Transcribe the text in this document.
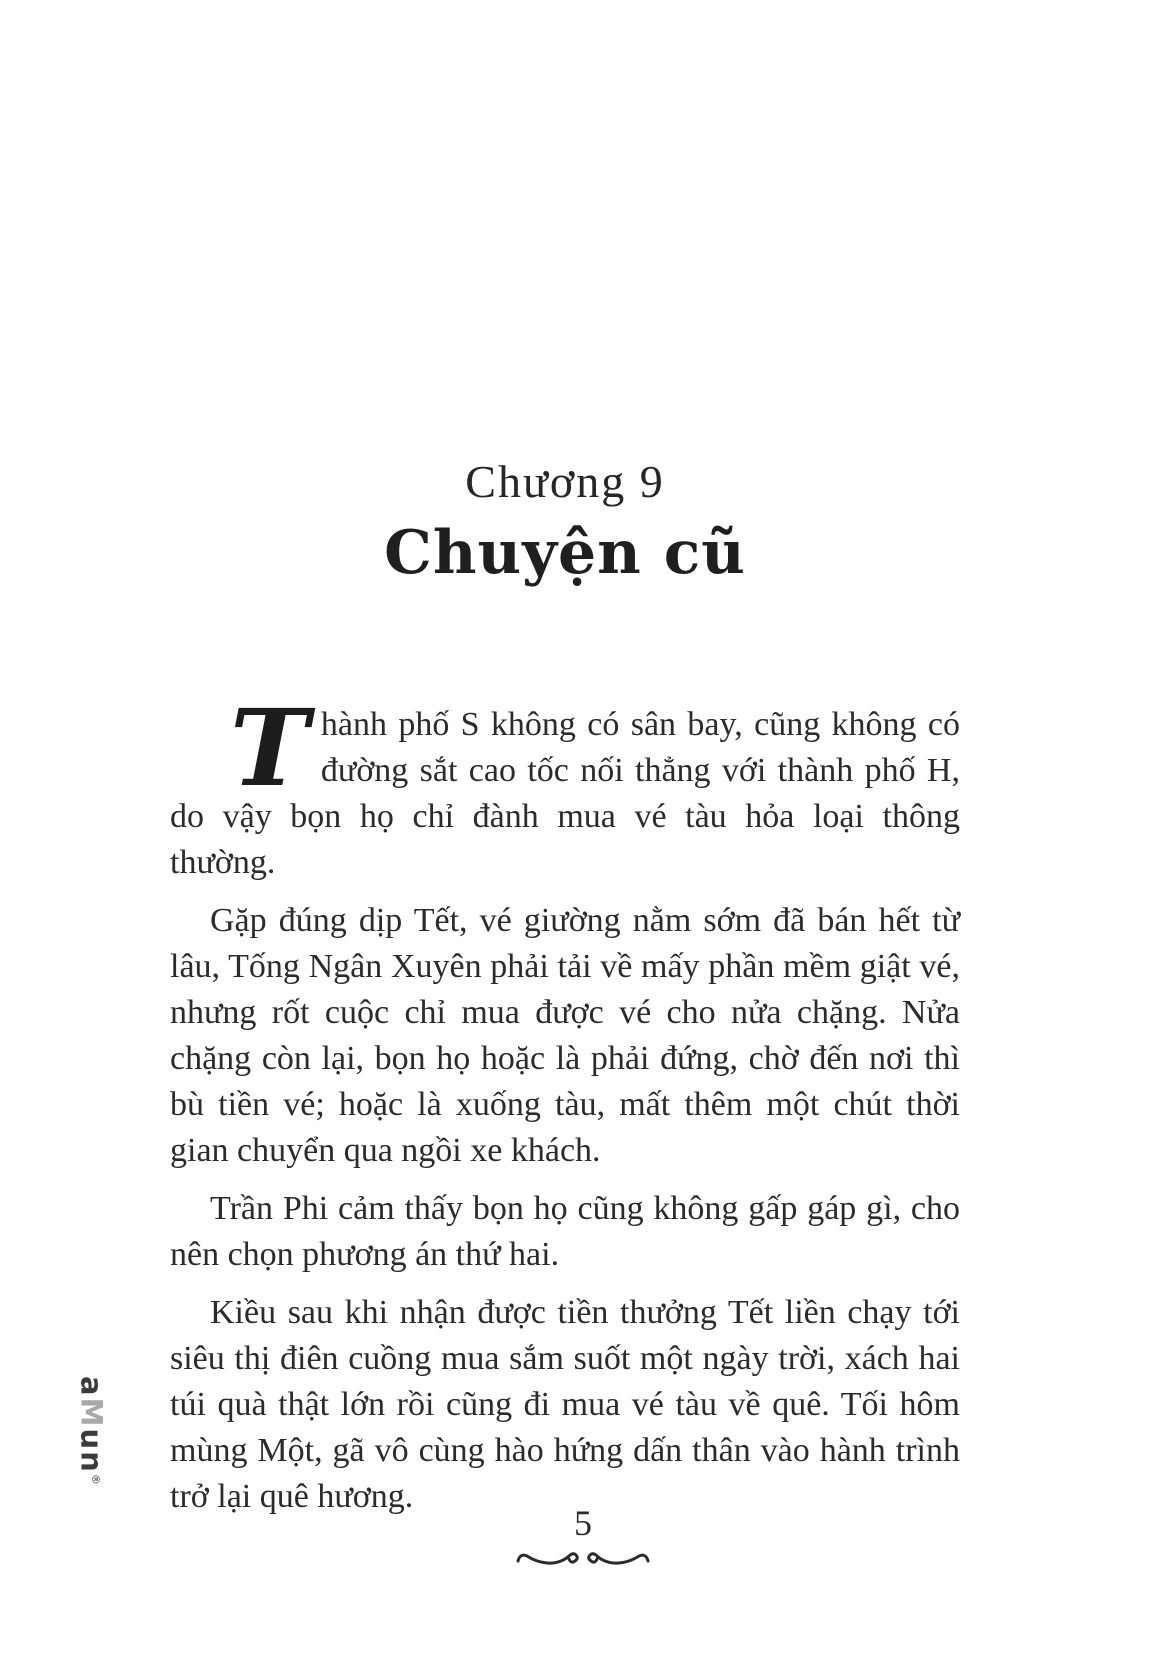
Chương 9
Chuyện cũ

Thành phố S không có sân bay, cũng không có đường sắt cao tốc nối thẳng với thành phố H, do vậy bọn họ chỉ đành mua vé tàu hỏa loại thông thường.

Gặp đúng dịp Tết, vé giường nằm sớm đã bán hết từ lâu, Tống Ngân Xuyên phải tải về mấy phần mềm giật vé, nhưng rốt cuộc chỉ mua được vé cho nửa chặng. Nửa chặng còn lại, bọn họ hoặc là phải đứng, chờ đến nơi thì bù tiền vé; hoặc là xuống tàu, mất thêm một chút thời gian chuyển qua ngồi xe khách.

Trần Phi cảm thấy bọn họ cũng không gấp gáp gì, cho nên chọn phương án thứ hai.

Kiều sau khi nhận được tiền thưởng Tết liền chạy tới siêu thị điên cuồng mua sắm suốt một ngày trời, xách hai túi quà thật lớn rồi cũng đi mua vé tàu về quê. Tối hôm mùng Một, gã vô cùng hào hứng dấn thân vào hành trình trở lại quê hương.

5
aMun®
